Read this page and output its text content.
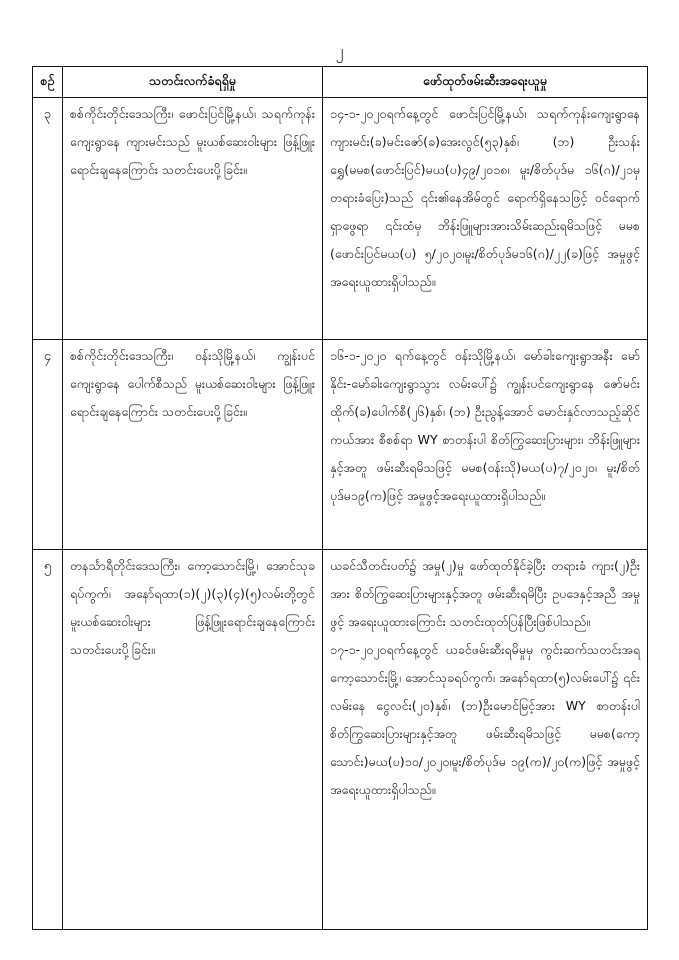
၂
စဉ်	သတင်းလက်ခံရရှိမှု	ဖော်ထုတ်ဖမ်းဆီးအရေးယူမှု
၃	စစ်ကိုင်းတိုင်းဒေသကြီး၊ ဖောင်းပြင်မြို့နယ်၊ သရက်ကုန်းကျေးရွာနေ ကျားမင်းသည် မူးယစ်ဆေးဝါးများ ဖြန့်ဖြူးရောင်းချနေကြောင်း သတင်းပေးပို့ခြင်း။	၁၄-၁-၂၀၂၀ရက်နေ့တွင် ဖောင်းပြင်မြို့နယ်၊ သရက်ကုန်းကျေးရွာနေ ကျားမင်း(ခ)မင်းဇော်(ခ)အေးလွင်(၅၃)နှစ်၊ (ဘ) ဦးသန်းရွှေ(မမစ(ဖောင်းပြင်)မယ(ပ)၄၉/၂၀၁၈၊ မူး/စိတ်ပုဒ်မ ၁၆(ဂ)/၂၁မှ တရားခံပြေး)သည် ၎င်း၏နေအိမ်တွင် ရောက်ရှိနေသဖြင့် ဝင်ရောက်ရှာဖွေရာ ၎င်းထံမှ ဘိန်းဖြူများအားသိမ်းဆည်းရမိသဖြင့် မမစ (ဖောင်းပြင်မယ(ပ) ၅/၂၀၂၀၊မူး/စိတ်ပုဒ်မ၁၆(ဂ)/၂၂(ခ)ဖြင့် အမှုဖွင့် အရေးယူထားရှိပါသည်။
၄	စစ်ကိုင်းတိုင်းဒေသကြီး၊ ဝန်းသိုမြို့နယ်၊ ကျွန်းပင်ကျေးရွာနေ ပေါက်စီသည် မူးယစ်ဆေးဝါးများ ဖြန့်ဖြူးရောင်းချနေကြောင်း သတင်းပေးပို့ခြင်း။	၁၆-၁-၂၀၂၀ ရက်နေ့တွင် ဝန်းသိုမြို့နယ်၊ မော်ခါးကျေးရွာအနီး မော်နိုင်း-မော်ခါးကျေးရွာသွား လမ်းပေါ်၌ ကျွန်းပင်ကျေးရွာနေ ဇော်မင်းထိုက်(ခ)ပေါက်စီ(၂၆)နှစ်၊ (ဘ) ဦးညွန့်အောင် မောင်းနှင်လာသည့်ဆိုင်ကယ်အား စီစစ်ရာ WY စာတန်းပါ စိတ်ကြွဆေးပြားများ၊ ဘိန်းဖြူများနှင့်အတူ ဖမ်းဆီးရမိသဖြင့် မမစ(ဝန်းသို)မယ(ပ)၇/၂၀၂၀၊ မူး/စိတ်ပုဒ်မ၁၉(က)ဖြင့် အမှုဖွင့်အရေးယူထားရှိပါသည်။
၅	တနင်္သာရီတိုင်းဒေသကြီး၊ ကော့သောင်းမြို့၊ အောင်သုခရပ်ကွက်၊ အနော်ရထာ(၁)(၂)(၃)(၄)(၅)လမ်းတို့တွင် မူးယစ်ဆေးဝါးများ ဖြန့်ဖြူးရောင်းချနေကြောင်း သတင်းပေးပို့ခြင်း။	ယခင်သီတင်းပတ်၌ အမှု(၂)မှု ဖော်ထုတ်နိုင်ခဲ့ပြီး တရားခံ ကျား(၂)ဦးအား စိတ်ကြွဆေးပြားများနှင့်အတူ ဖမ်းဆီးရမိပြီး ဥပဒေနှင့်အညီ အမှုဖွင့် အရေးယူထားကြောင်း သတင်းထုတ်ပြန်ပြီးဖြစ်ပါသည်။

၁၇-၁-၂၀၂၀ရက်နေ့တွင် ယခင်ဖမ်းဆီးရမိမှုမှ ကွင်းဆက်သတင်းအရ ကော့သောင်းမြို့၊ အောင်သုခရပ်ကွက်၊ အနော်ရထာ(၅)လမ်းပေါ်၌ ၎င်းလမ်းနေ ငွေလင်း(၂၀)နှစ်၊ (ဘ)ဦးမောင်မြင့်အား WY စာတန်းပါ စိတ်ကြွဆေးပြားများနှင့်အတူ ဖမ်းဆီးရမိသဖြင့် မမစ(ကော့သောင်း)မယ(ပ)၁၀/၂၀၂၀၊မူး/စိတ်ပုဒ်မ ၁၉(က)/၂၀(က)ဖြင့် အမှုဖွင့် အရေးယူထားရှိပါသည်။
